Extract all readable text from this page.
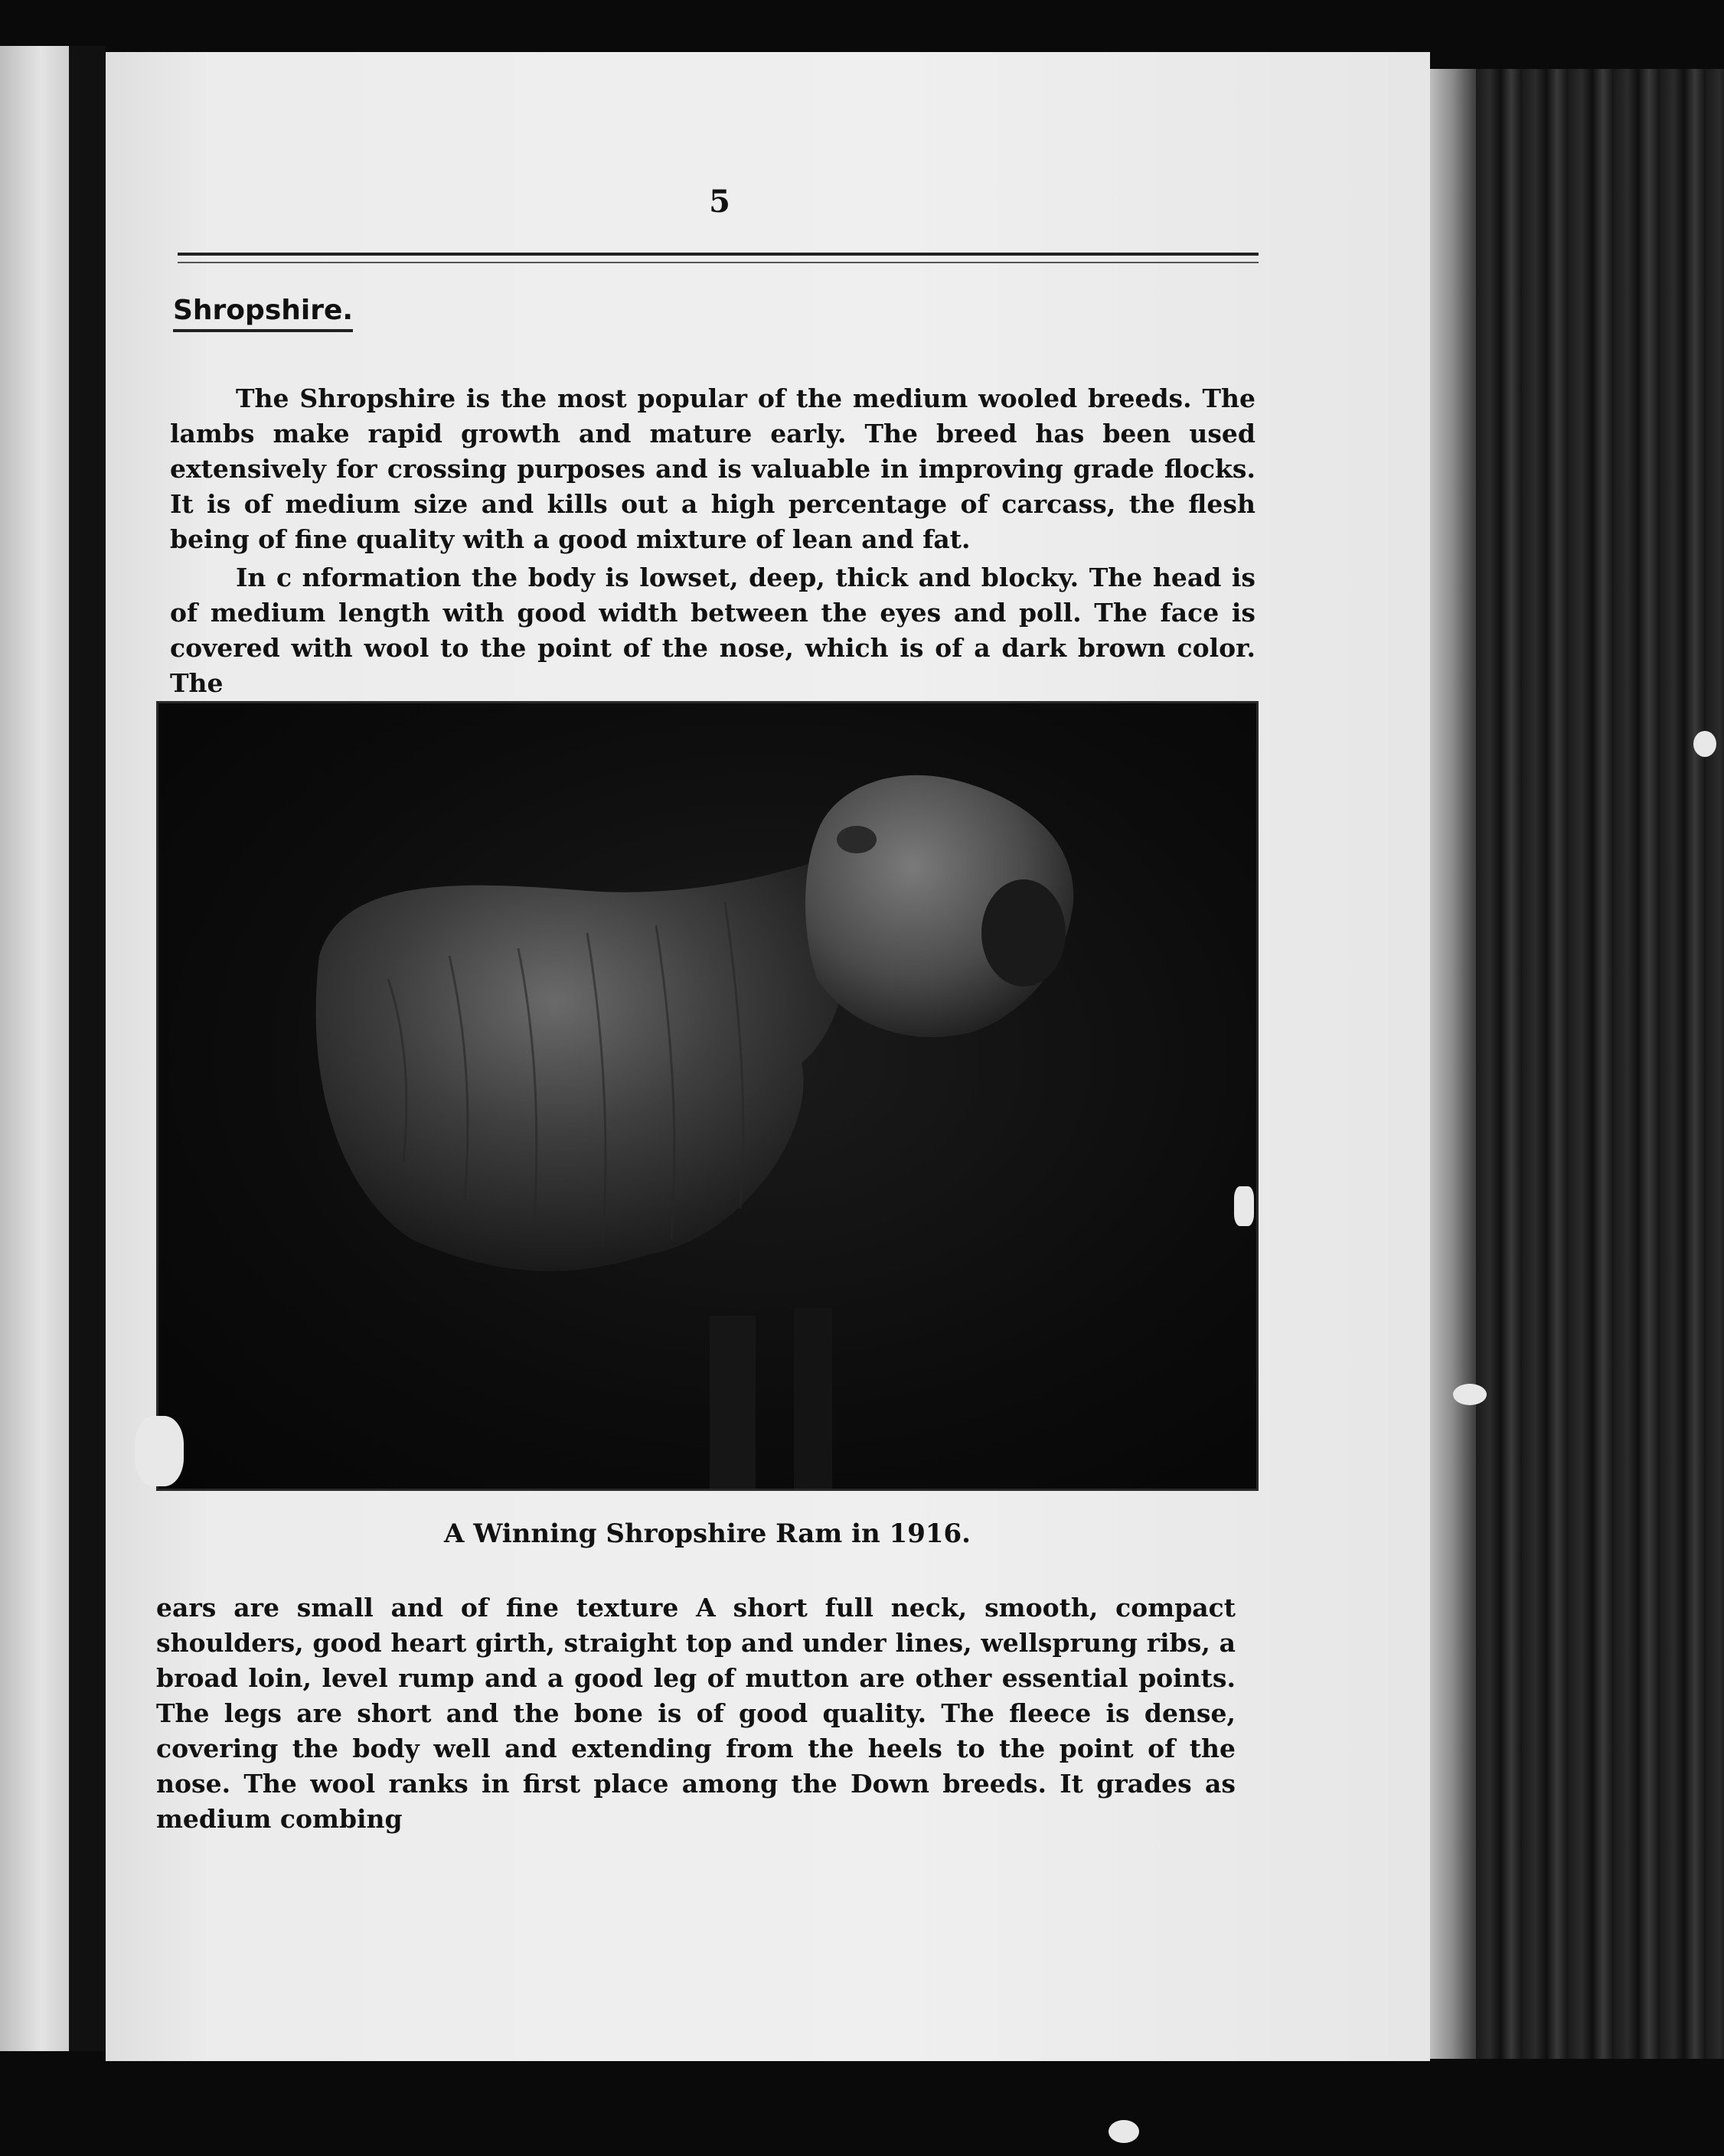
5
Shropshire.

The Shropshire is the most popular of the medium wooled breeds. The lambs make rapid growth and mature early. The breed has been used extensively for crossing purposes and is valuable in improving grade flocks. It is of medium size and kills out a high percentage of carcass, the flesh being of fine quality with a good mixture of lean and fat.

In c nformation the body is lowset, deep, thick and blocky. The head is of medium length with good width between the eyes and poll. The face is covered with wool to the point of the nose, which is of a dark brown color. The

A Winning Shropshire Ram in 1916.

ears are small and of fine texture A short full neck, smooth, compact shoulders, good heart girth, straight top and under lines, wellsprung ribs, a broad loin, level rump and a good leg of mutton are other essential points. The legs are short and the bone is of good quality. The fleece is dense, covering the body well and extending from the heels to the point of the nose. The wool ranks in first place among the Down breeds. It grades as medium combing
